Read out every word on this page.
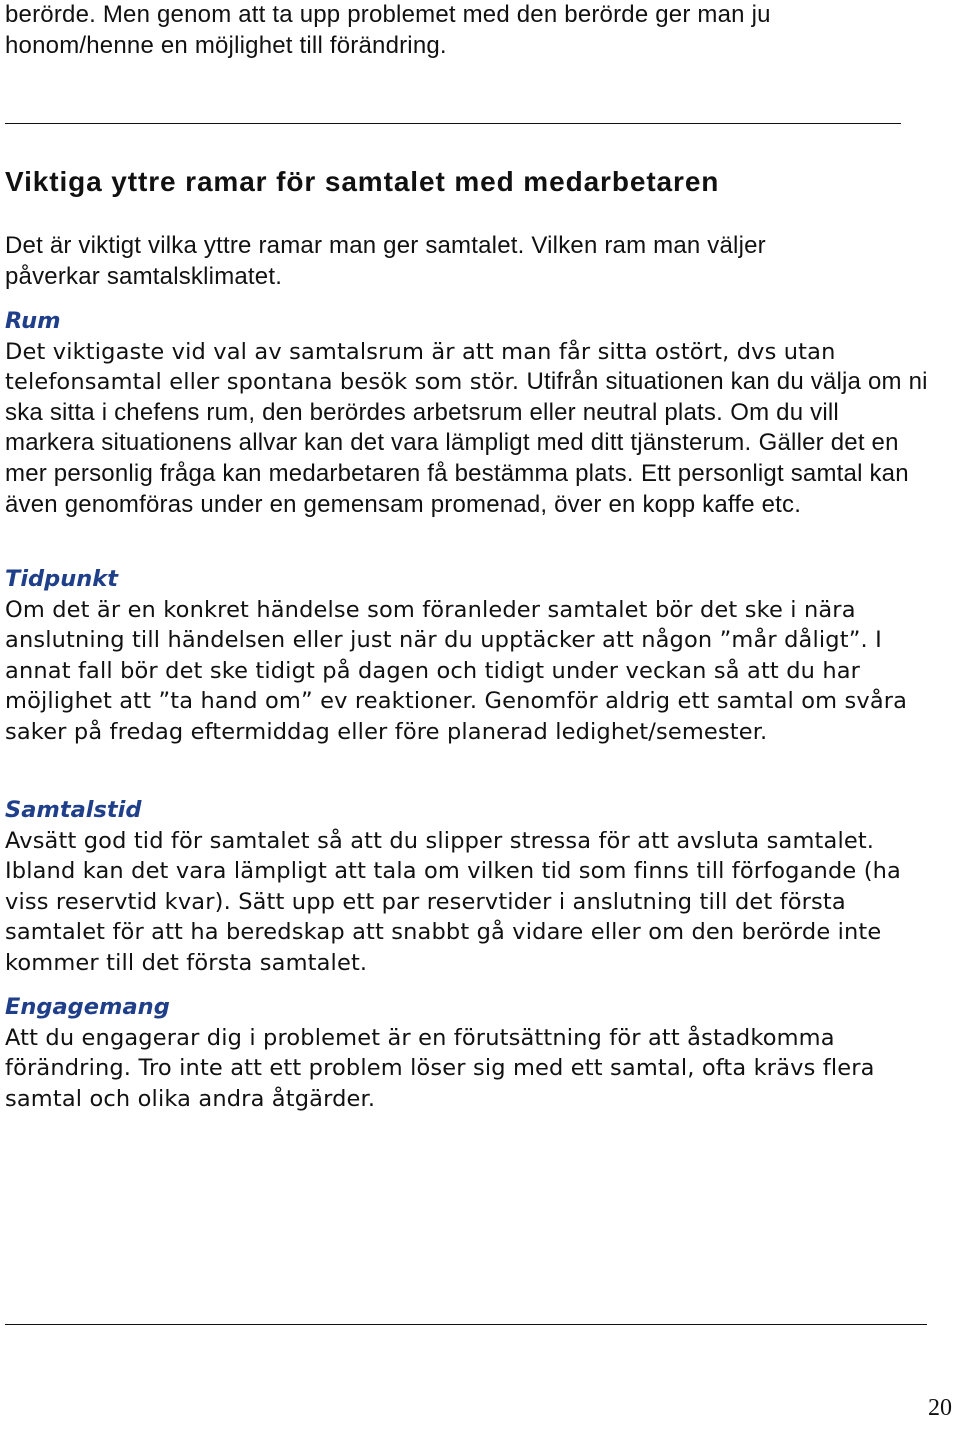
berörde. Men genom att ta upp problemet med den berörde ger man ju

honom/henne en möjlighet till förändring.

Viktiga yttre ramar för samtalet med medarbetaren

Det är viktigt vilka yttre ramar man ger samtalet. Vilken ram man väljer

påverkar samtalsklimatet.

Rum

Det viktigaste vid val av samtalsrum är att man får sitta ostört, dvs utan telefonsamtal eller spontana besök som stör. Utifrån situationen kan du välja om ni ska sitta i chefens rum, den berördes arbetsrum eller neutral plats. Om du vill markera situationens allvar kan det vara lämpligt med ditt tjänsterum. Gäller det en mer personlig fråga kan medarbetaren få bestämma plats. Ett personligt samtal kan även genomföras under en gemensam promenad, över en kopp kaffe etc.

Tidpunkt

Om det är en konkret händelse som föranleder samtalet bör det ske i nära anslutning till händelsen eller just när du upptäcker att någon ”mår dåligt”. I annat fall bör det ske tidigt på dagen och tidigt under veckan så att du har möjlighet att ”ta hand om” ev reaktioner. Genomför aldrig ett samtal om svåra saker på fredag eftermiddag eller före planerad ledighet/semester.

Samtalstid

Avsätt god tid för samtalet så att du slipper stressa för att avsluta samtalet. Ibland kan det vara lämpligt att tala om vilken tid som finns till förfogande (ha viss reservtid kvar). Sätt upp ett par reservtider i anslutning till det första samtalet för att ha beredskap att snabbt gå vidare eller om den berörde inte kommer till det första samtalet.

Engagemang

Att du engagerar dig i problemet är en förutsättning för att åstadkomma förändring. Tro inte att ett problem löser sig med ett samtal, ofta krävs flera samtal och olika andra åtgärder.

20
